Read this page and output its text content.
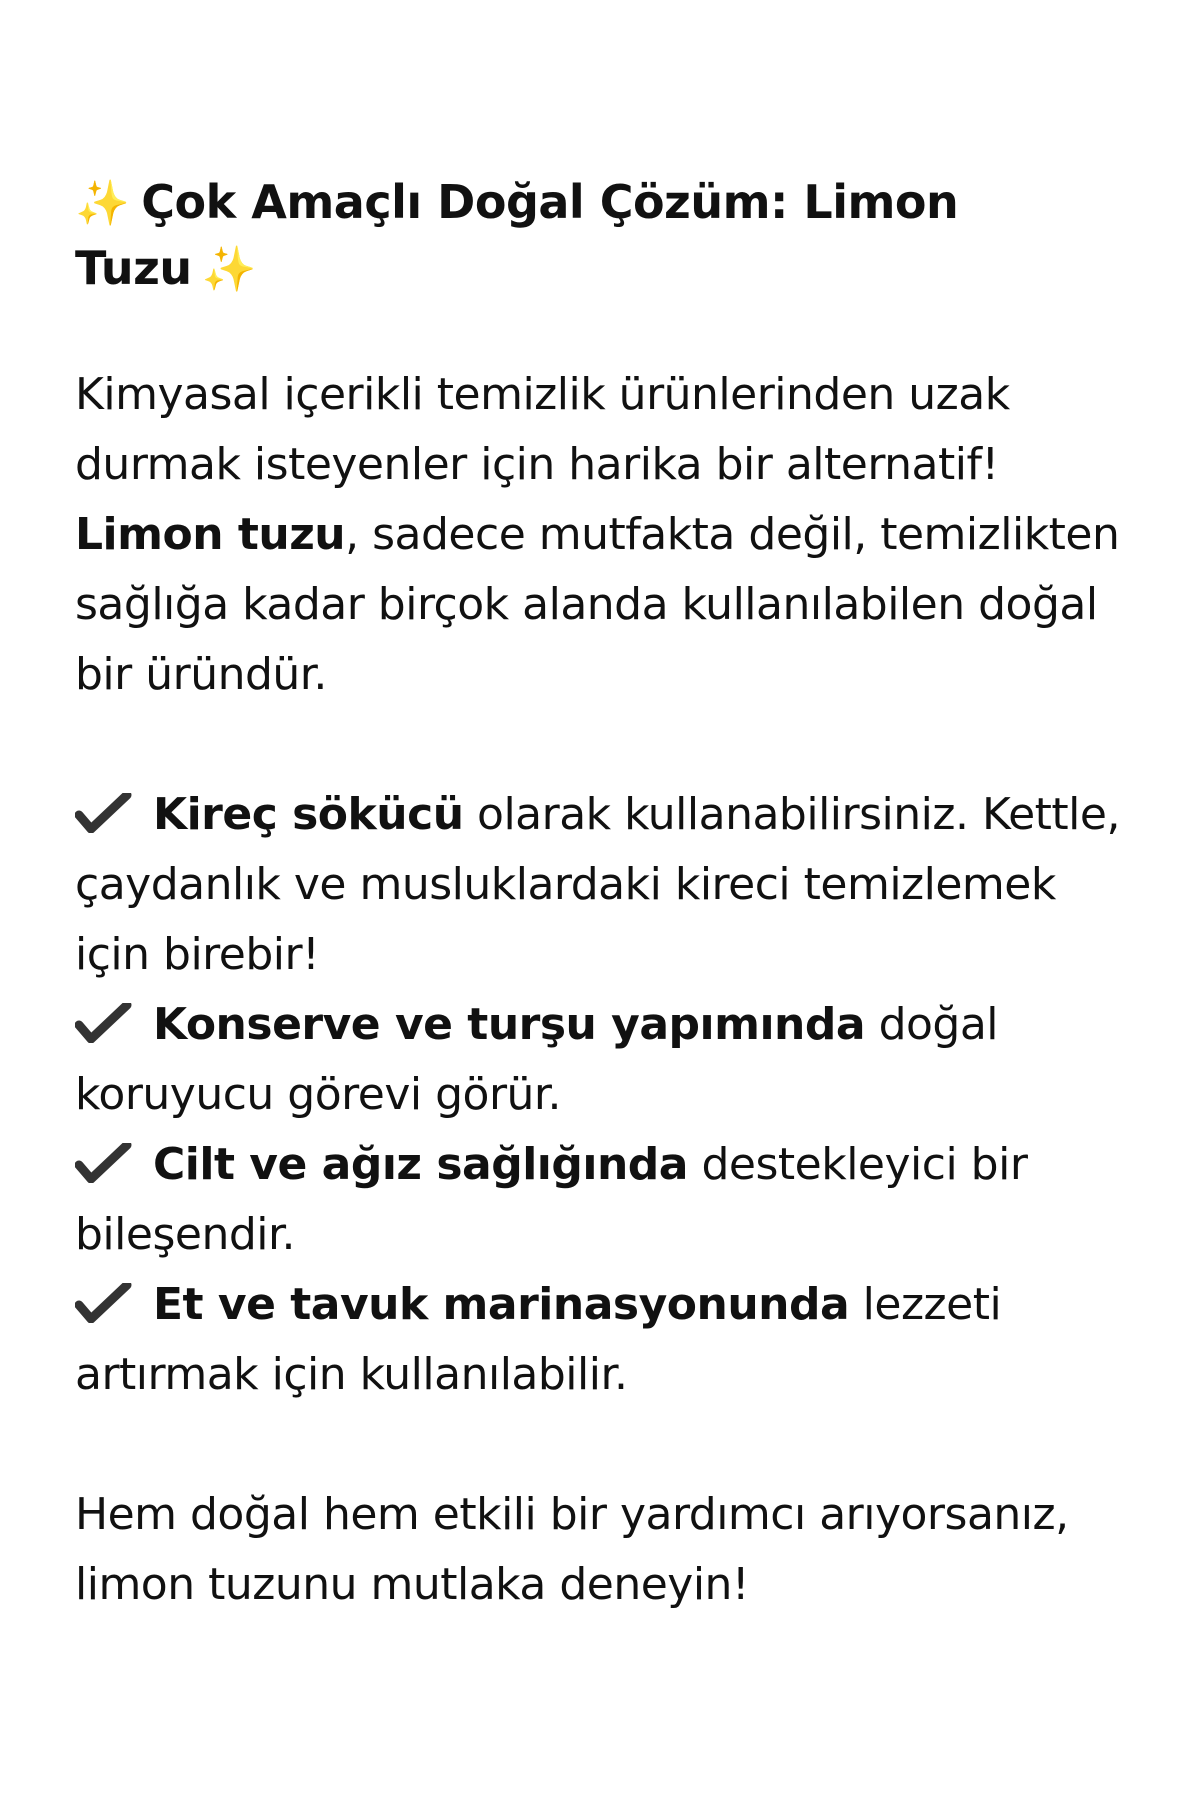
✨ Çok Amaçlı Doğal Çözüm: Limon
Tuzu ✨

Kimyasal içerikli temizlik ürünlerinden uzak durmak isteyenler için harika bir alternatif!
Limon tuzu, sadece mutfakta değil, temizlikten sağlığa kadar birçok alanda kullanılabilen doğal bir üründür.

Kireç sökücü olarak kullanabilirsiniz. Kettle, çaydanlık ve musluklardaki kireci temizlemek için birebir!
Konserve ve turşu yapımında doğal koruyucu görevi görür.
Cilt ve ağız sağlığında destekleyici bir bileşendir.
Et ve tavuk marinasyonunda lezzeti artırmak için kullanılabilir.

Hem doğal hem etkili bir yardımcı arıyorsanız, limon tuzunu mutlaka deneyin!
